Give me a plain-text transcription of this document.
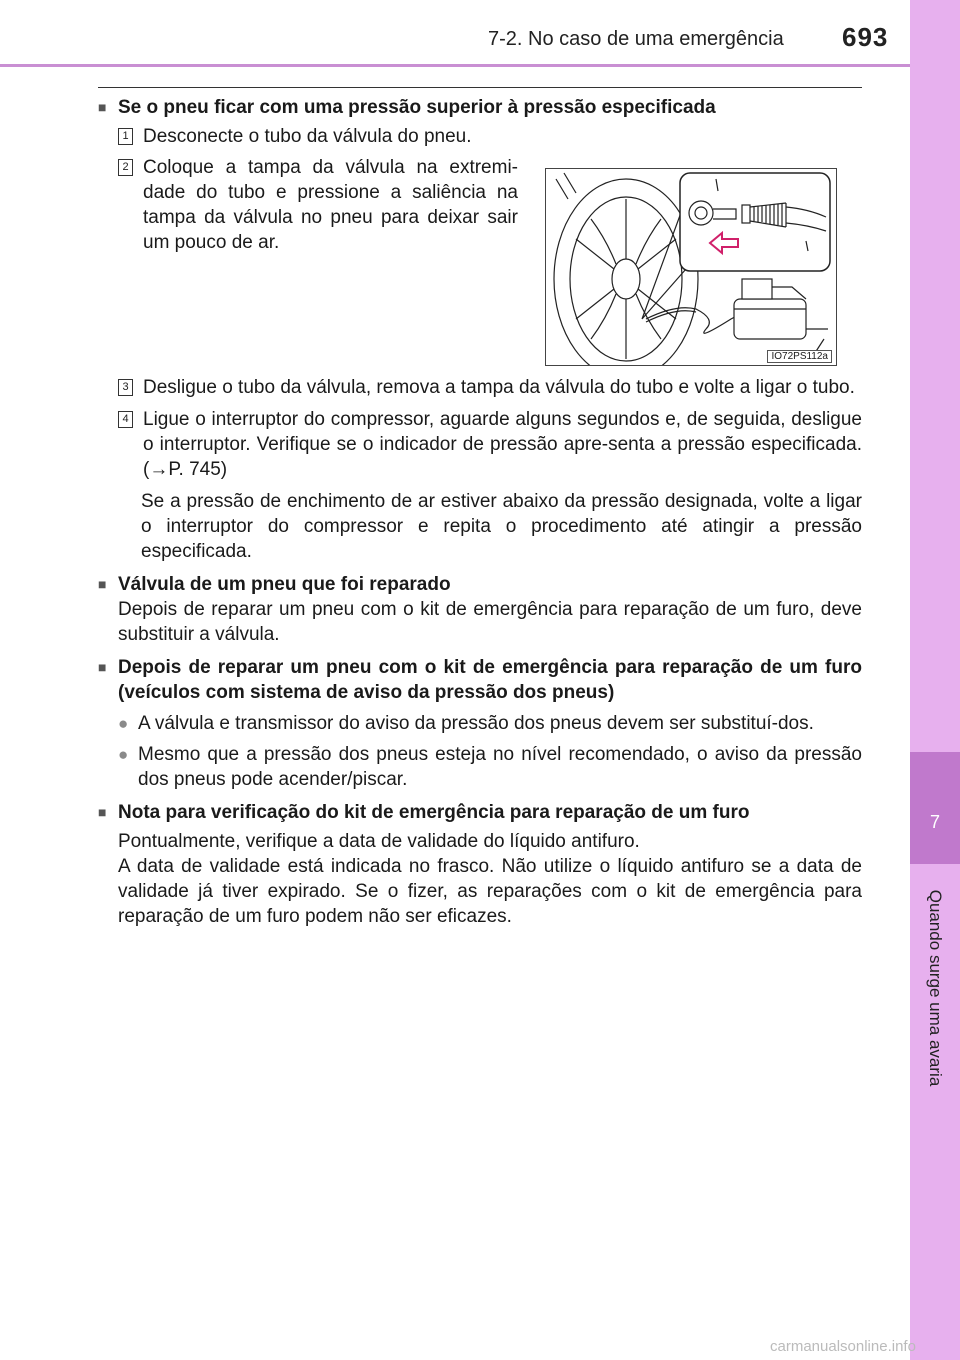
7-2. No caso de uma emergência 693
7
Quando surge uma avaria
■ Se o pneu ficar com uma pressão superior à pressão especificada
1 Desconecte o tubo da válvula do pneu.
2 Coloque a tampa da válvula na extremi-dade do tubo e pressione a saliência na tampa da válvula no pneu para deixar sair um pouco de ar.
3 Desligue o tubo da válvula, remova a tampa da válvula do tubo e volte a ligar o tubo.
4 Ligue o interruptor do compressor, aguarde alguns segundos e, de seguida, desligue o interruptor. Verifique se o indicador de pressão apre-senta a pressão especificada. (→P. 745)

Se a pressão de enchimento de ar estiver abaixo da pressão designada, volte a ligar o interruptor do compressor e repita o procedimento até atingir a pressão especificada.

■ Válvula de um pneu que foi reparado

Depois de reparar um pneu com o kit de emergência para reparação de um furo, deve substituir a válvula.

■ Depois de reparar um pneu com o kit de emergência para reparação de um furo (veículos com sistema de aviso da pressão dos pneus)
● A válvula e transmissor do aviso da pressão dos pneus devem ser substituí-dos.
● Mesmo que a pressão dos pneus esteja no nível recomendado, o aviso da pressão dos pneus pode acender/piscar.
■ Nota para verificação do kit de emergência para reparação de um furo

Pontualmente, verifique a data de validade do líquido antifuro.

A data de validade está indicada no frasco. Não utilize o líquido antifuro se a data de validade já tiver expirado. Se o fizer, as reparações com o kit de emergência para reparação de um furo podem não ser eficazes.

IO72PS112a
carmanualsonline.info
